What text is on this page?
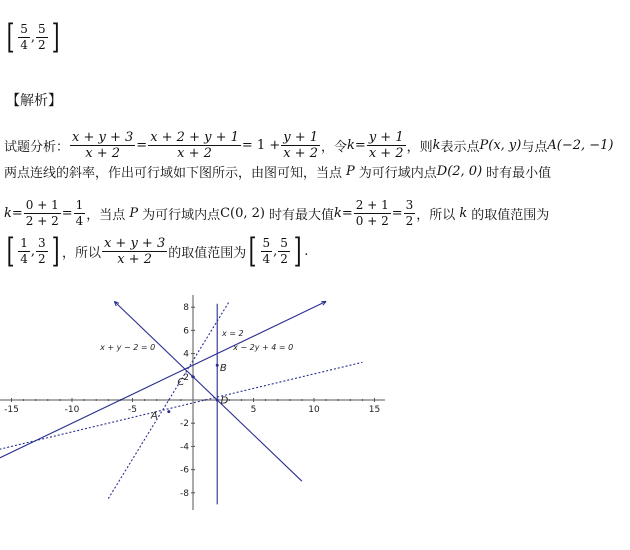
[ $\frac{5}{4}$ , $\frac{5}{2}$ ]
【解析】
试题分析： $\frac{x + y + 3}{x + 2} = \frac{x + 2 + y + 1}{x + 2} = 1 + \frac{y + 1}{x + 2}$ ，令 $k = \frac{y + 1}{x + 2}$ ，则 k 表示点 P(x, y) 与点 A(−2, −1)
两点连线的斜率，作出可行域如下图所示，由图可知，当点 P 为可行域内点 D(2, 0) 时有最小值
$k = \frac{0 + 1}{2 + 2} = \frac{1}{4}$ ，当点 P 为可行域内点 C(0, 2) 时有最大值 $k = \frac{2 + 1}{0 + 2} = \frac{3}{2}$ ，所以 k 的取值范围为
[ $\frac{1}{4}$ , $\frac{3}{2}$ ] ，所以 $\frac{x + y + 3}{x + 2}$ 的取值范围为 [ $\frac{5}{4}$ , $\frac{5}{2}$ ] .
-15	-10	-5	5	10	15
8
6
4
2
-2
-4
-6
-8
A
B
C
D
x + y − 2 = 0	x − 2y + 4 = 0
x = 2
